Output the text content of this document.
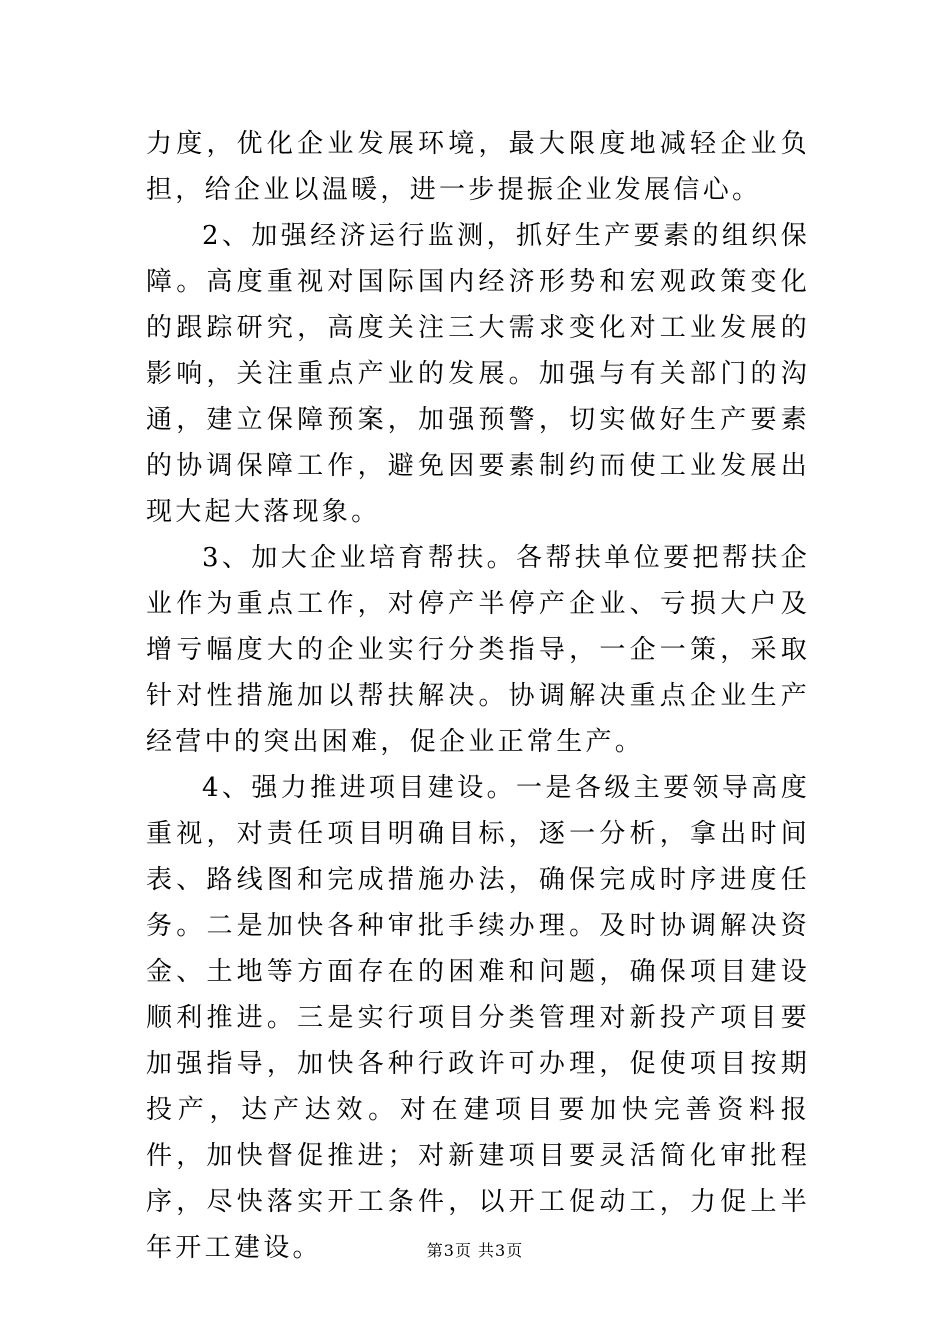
力度，优化企业发展环境，最大限度地减轻企业负担，给企业以温暖，进一步提振企业发展信心。

2、加强经济运行监测，抓好生产要素的组织保障。高度重视对国际国内经济形势和宏观政策变化的跟踪研究，高度关注三大需求变化对工业发展的影响，关注重点产业的发展。加强与有关部门的沟通，建立保障预案，加强预警，切实做好生产要素的协调保障工作，避免因要素制约而使工业发展出现大起大落现象。

3、加大企业培育帮扶。各帮扶单位要把帮扶企业作为重点工作，对停产半停产企业、亏损大户及增亏幅度大的企业实行分类指导，一企一策，采取针对性措施加以帮扶解决。协调解决重点企业生产经营中的突出困难，促企业正常生产。

4、强力推进项目建设。一是各级主要领导高度重视，对责任项目明确目标，逐一分析，拿出时间表、路线图和完成措施办法，确保完成时序进度任务。二是加快各种审批手续办理。及时协调解决资金、土地等方面存在的困难和问题，确保项目建设顺利推进。三是实行项目分类管理对新投产项目要加强指导，加快各种行政许可办理，促使项目按期投产，达产达效。对在建项目要加快完善资料报件，加快督促推进；对新建项目要灵活简化审批程序，尽快落实开工条件，以开工促动工，力促上半年开工建设。	第3页 共3页
